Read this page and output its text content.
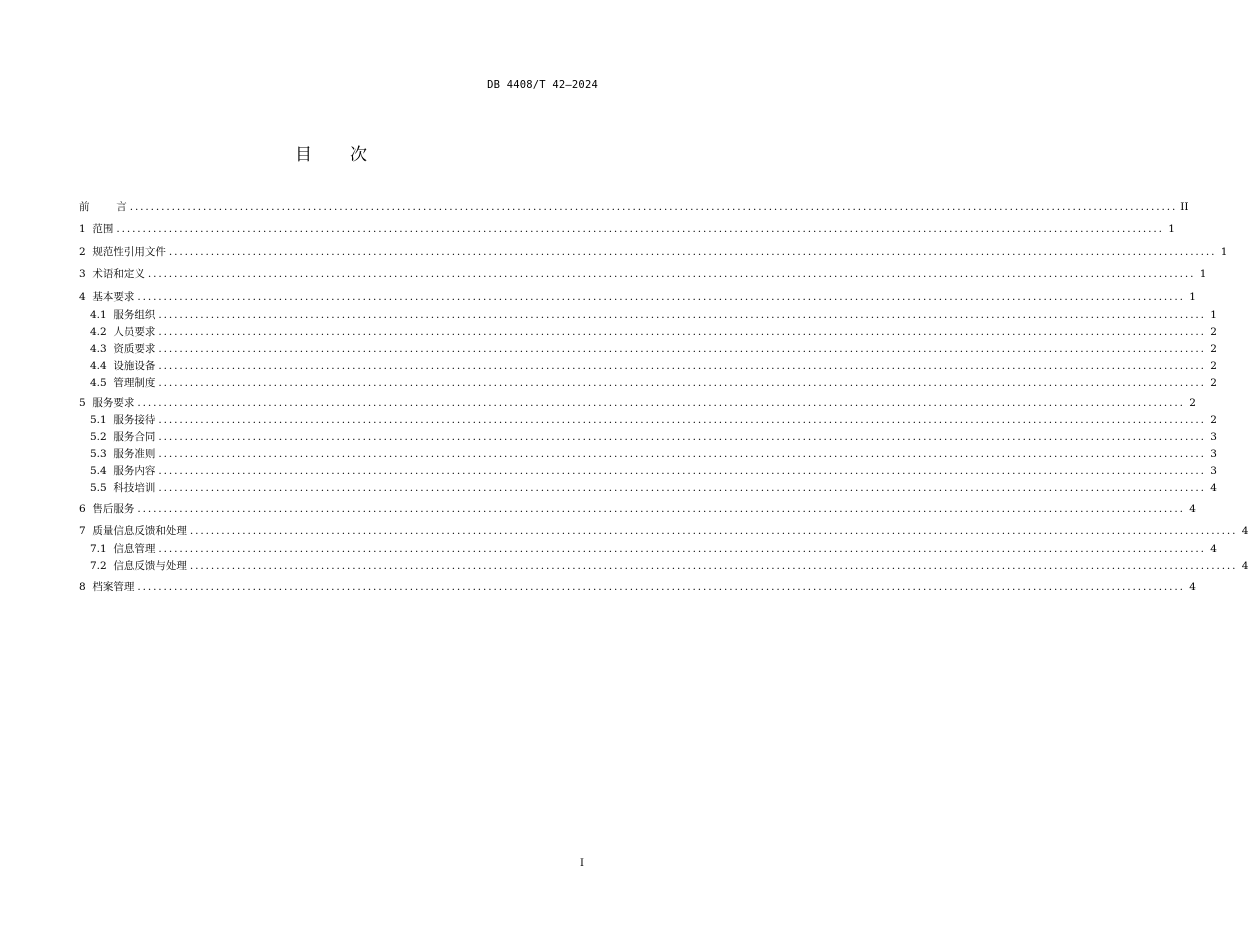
DB 4408/T 42—2024
目 次
前        言 ........................................................................................................................................................................................................ II
1  范围 ........................................................................................................................................................................................................ 1
2  规范性引用文件 ........................................................................................................................................................................................................ 1
3  术语和定义 ........................................................................................................................................................................................................ 1
4  基本要求 ........................................................................................................................................................................................................ 1
4.1  服务组织 ........................................................................................................................................................................................................ 1
4.2  人员要求 ........................................................................................................................................................................................................ 2
4.3  资质要求 ........................................................................................................................................................................................................ 2
4.4  设施设备 ........................................................................................................................................................................................................ 2
4.5  管理制度 ........................................................................................................................................................................................................ 2
5  服务要求 ........................................................................................................................................................................................................ 2
5.1  服务接待 ........................................................................................................................................................................................................ 2
5.2  服务合同 ........................................................................................................................................................................................................ 3
5.3  服务准则 ........................................................................................................................................................................................................ 3
5.4  服务内容 ........................................................................................................................................................................................................ 3
5.5  科技培训 ........................................................................................................................................................................................................ 4
6  售后服务 ........................................................................................................................................................................................................ 4
7  质量信息反馈和处理 ........................................................................................................................................................................................................ 4
7.1  信息管理 ........................................................................................................................................................................................................ 4
7.2  信息反馈与处理 ........................................................................................................................................................................................................ 4
8  档案管理 ........................................................................................................................................................................................................ 4
I
